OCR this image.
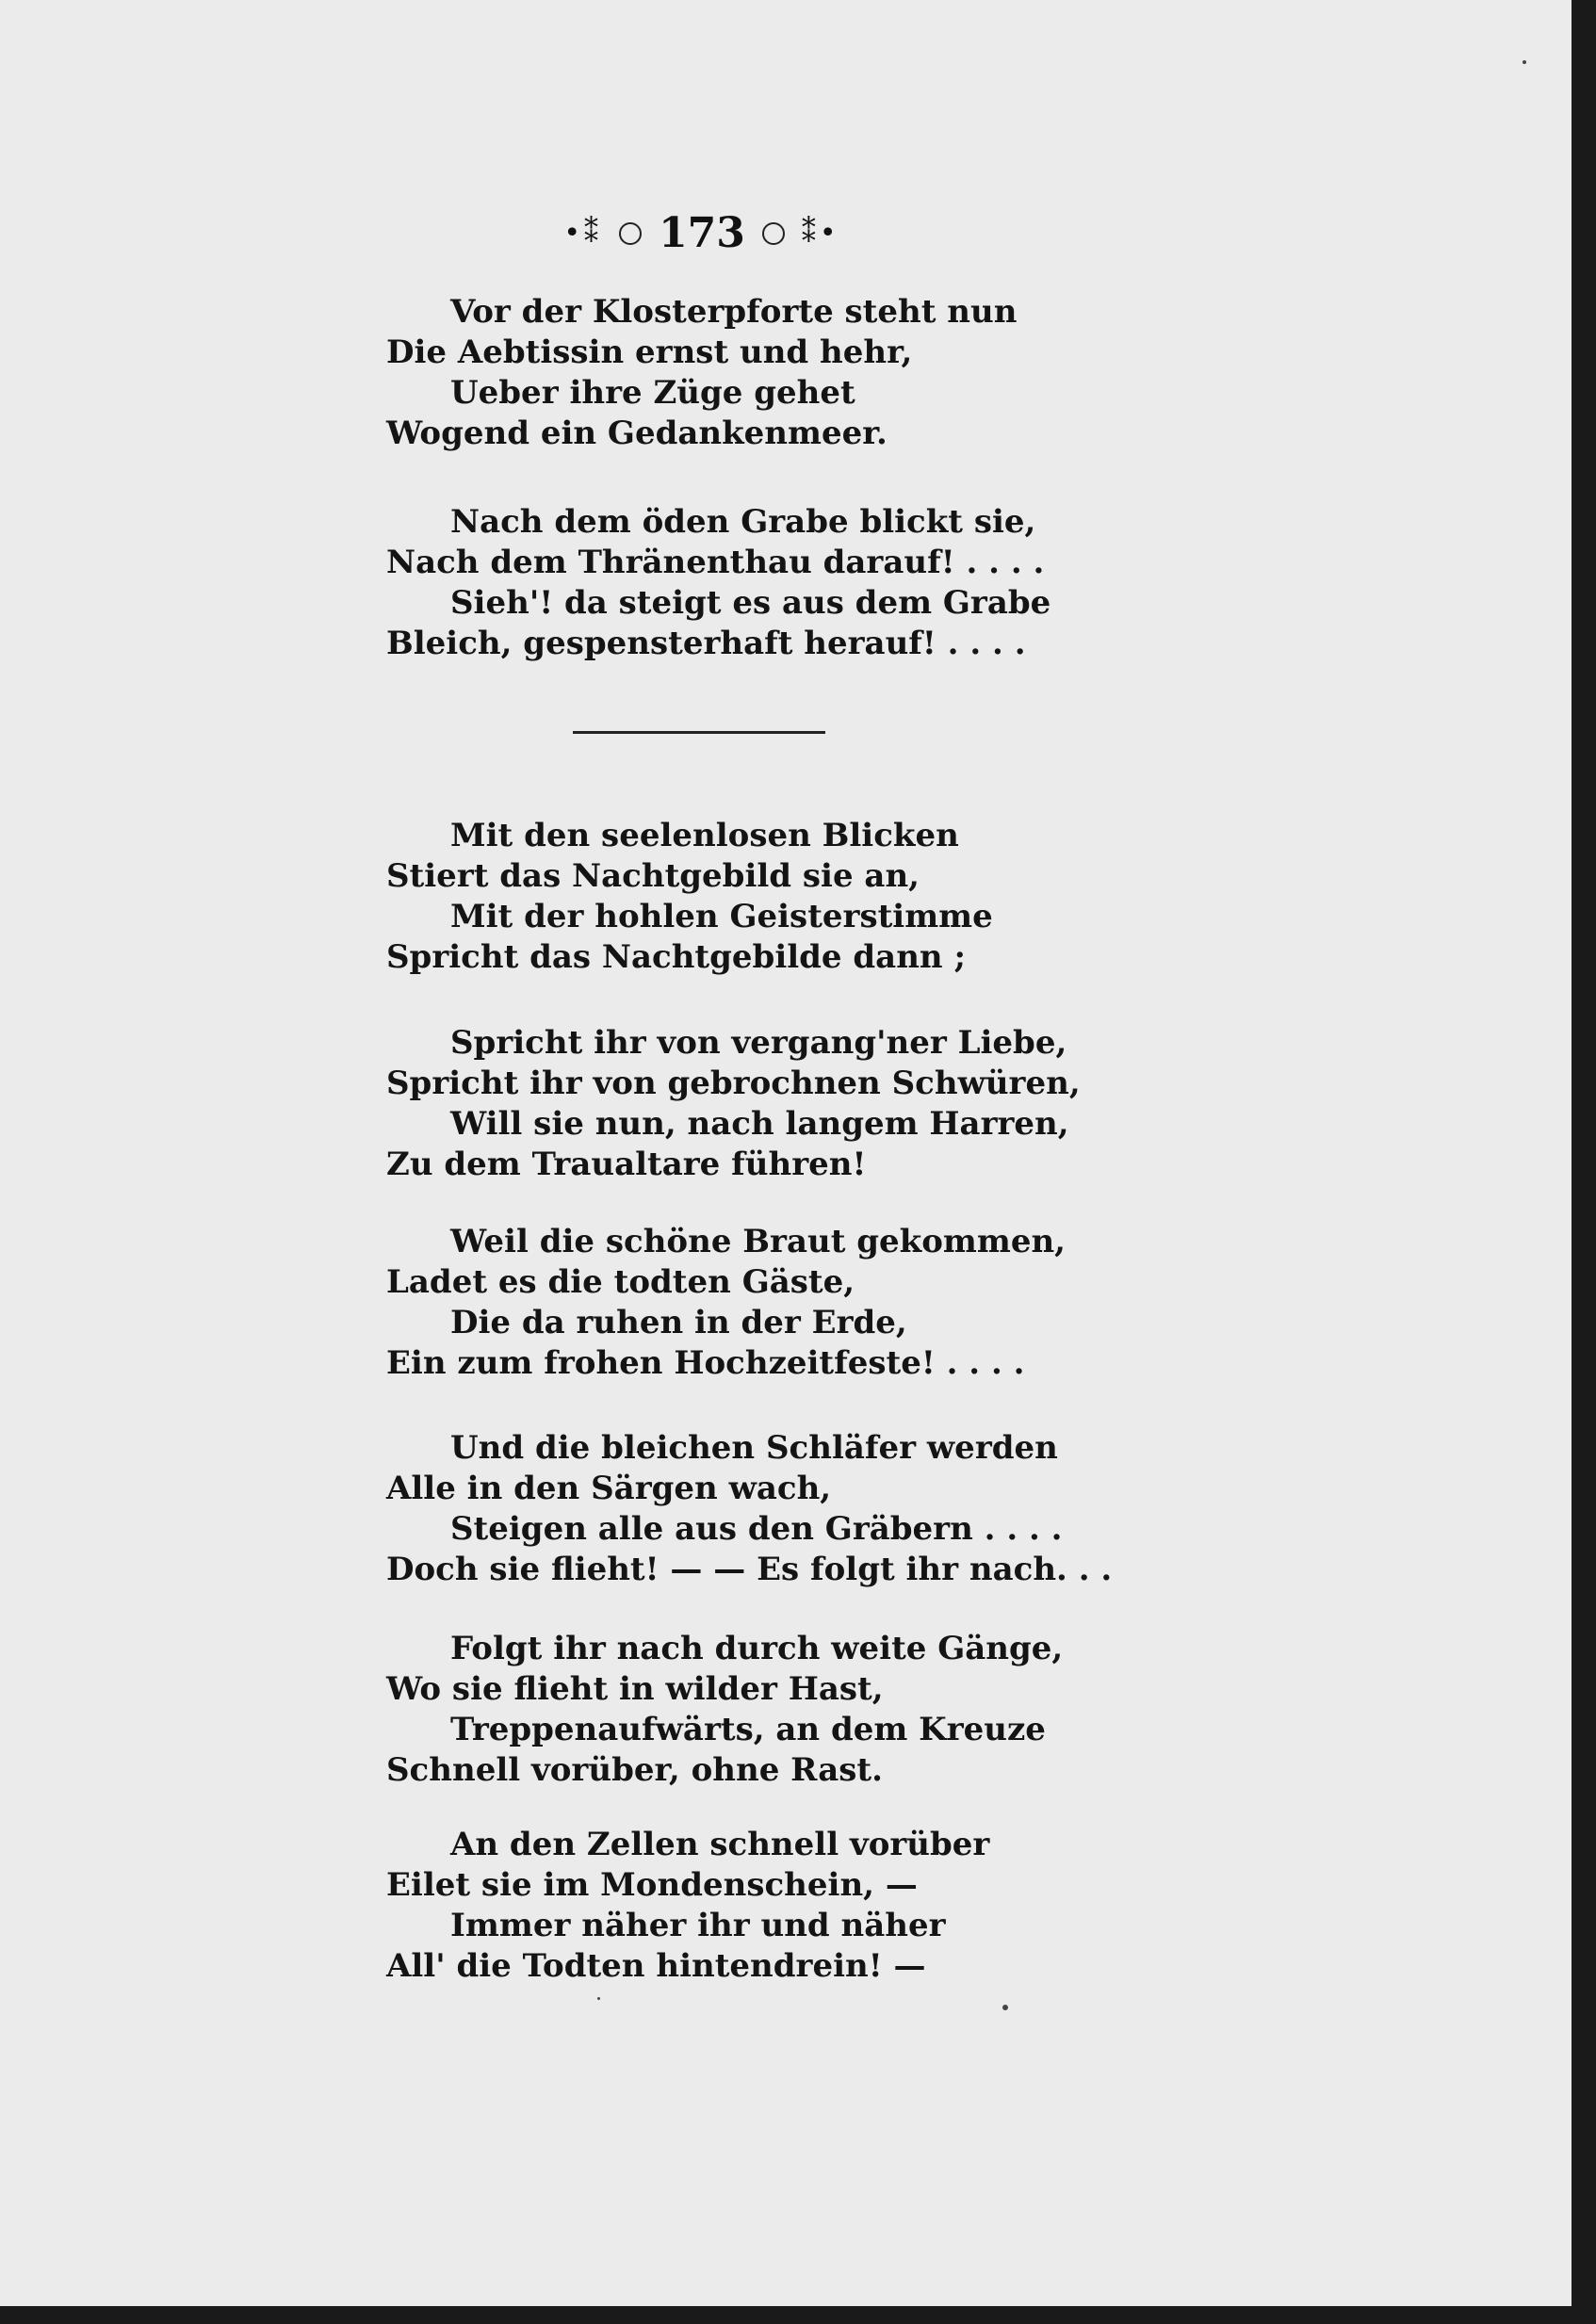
•⁑ 173 ⁑•
Vor der Klosterpforte steht nun
Die Aebtissin ernst und hehr,
Ueber ihre Züge gehet
Wogend ein Gedankenmeer.
Nach dem öden Grabe blickt sie,
Nach dem Thränenthau darauf! . . . .
Sieh'! da steigt es aus dem Grabe
Bleich, gespensterhaft herauf! . . . .
Mit den seelenlosen Blicken
Stiert das Nachtgebild sie an,
Mit der hohlen Geisterstimme
Spricht das Nachtgebilde dann ;
Spricht ihr von vergang'ner Liebe,
Spricht ihr von gebrochnen Schwüren,
Will sie nun, nach langem Harren,
Zu dem Traualtare führen!
Weil die schöne Braut gekommen,
Ladet es die todten Gäste,
Die da ruhen in der Erde,
Ein zum frohen Hochzeitfeste! . . . .
Und die bleichen Schläfer werden
Alle in den Särgen wach,
Steigen alle aus den Gräbern . . . .
Doch sie flieht! — — Es folgt ihr nach. . .
Folgt ihr nach durch weite Gänge,
Wo sie flieht in wilder Hast,
Treppenaufwärts, an dem Kreuze
Schnell vorüber, ohne Rast.
An den Zellen schnell vorüber
Eilet sie im Mondenschein, —
Immer näher ihr und näher
All' die Todten hintendrein! —
